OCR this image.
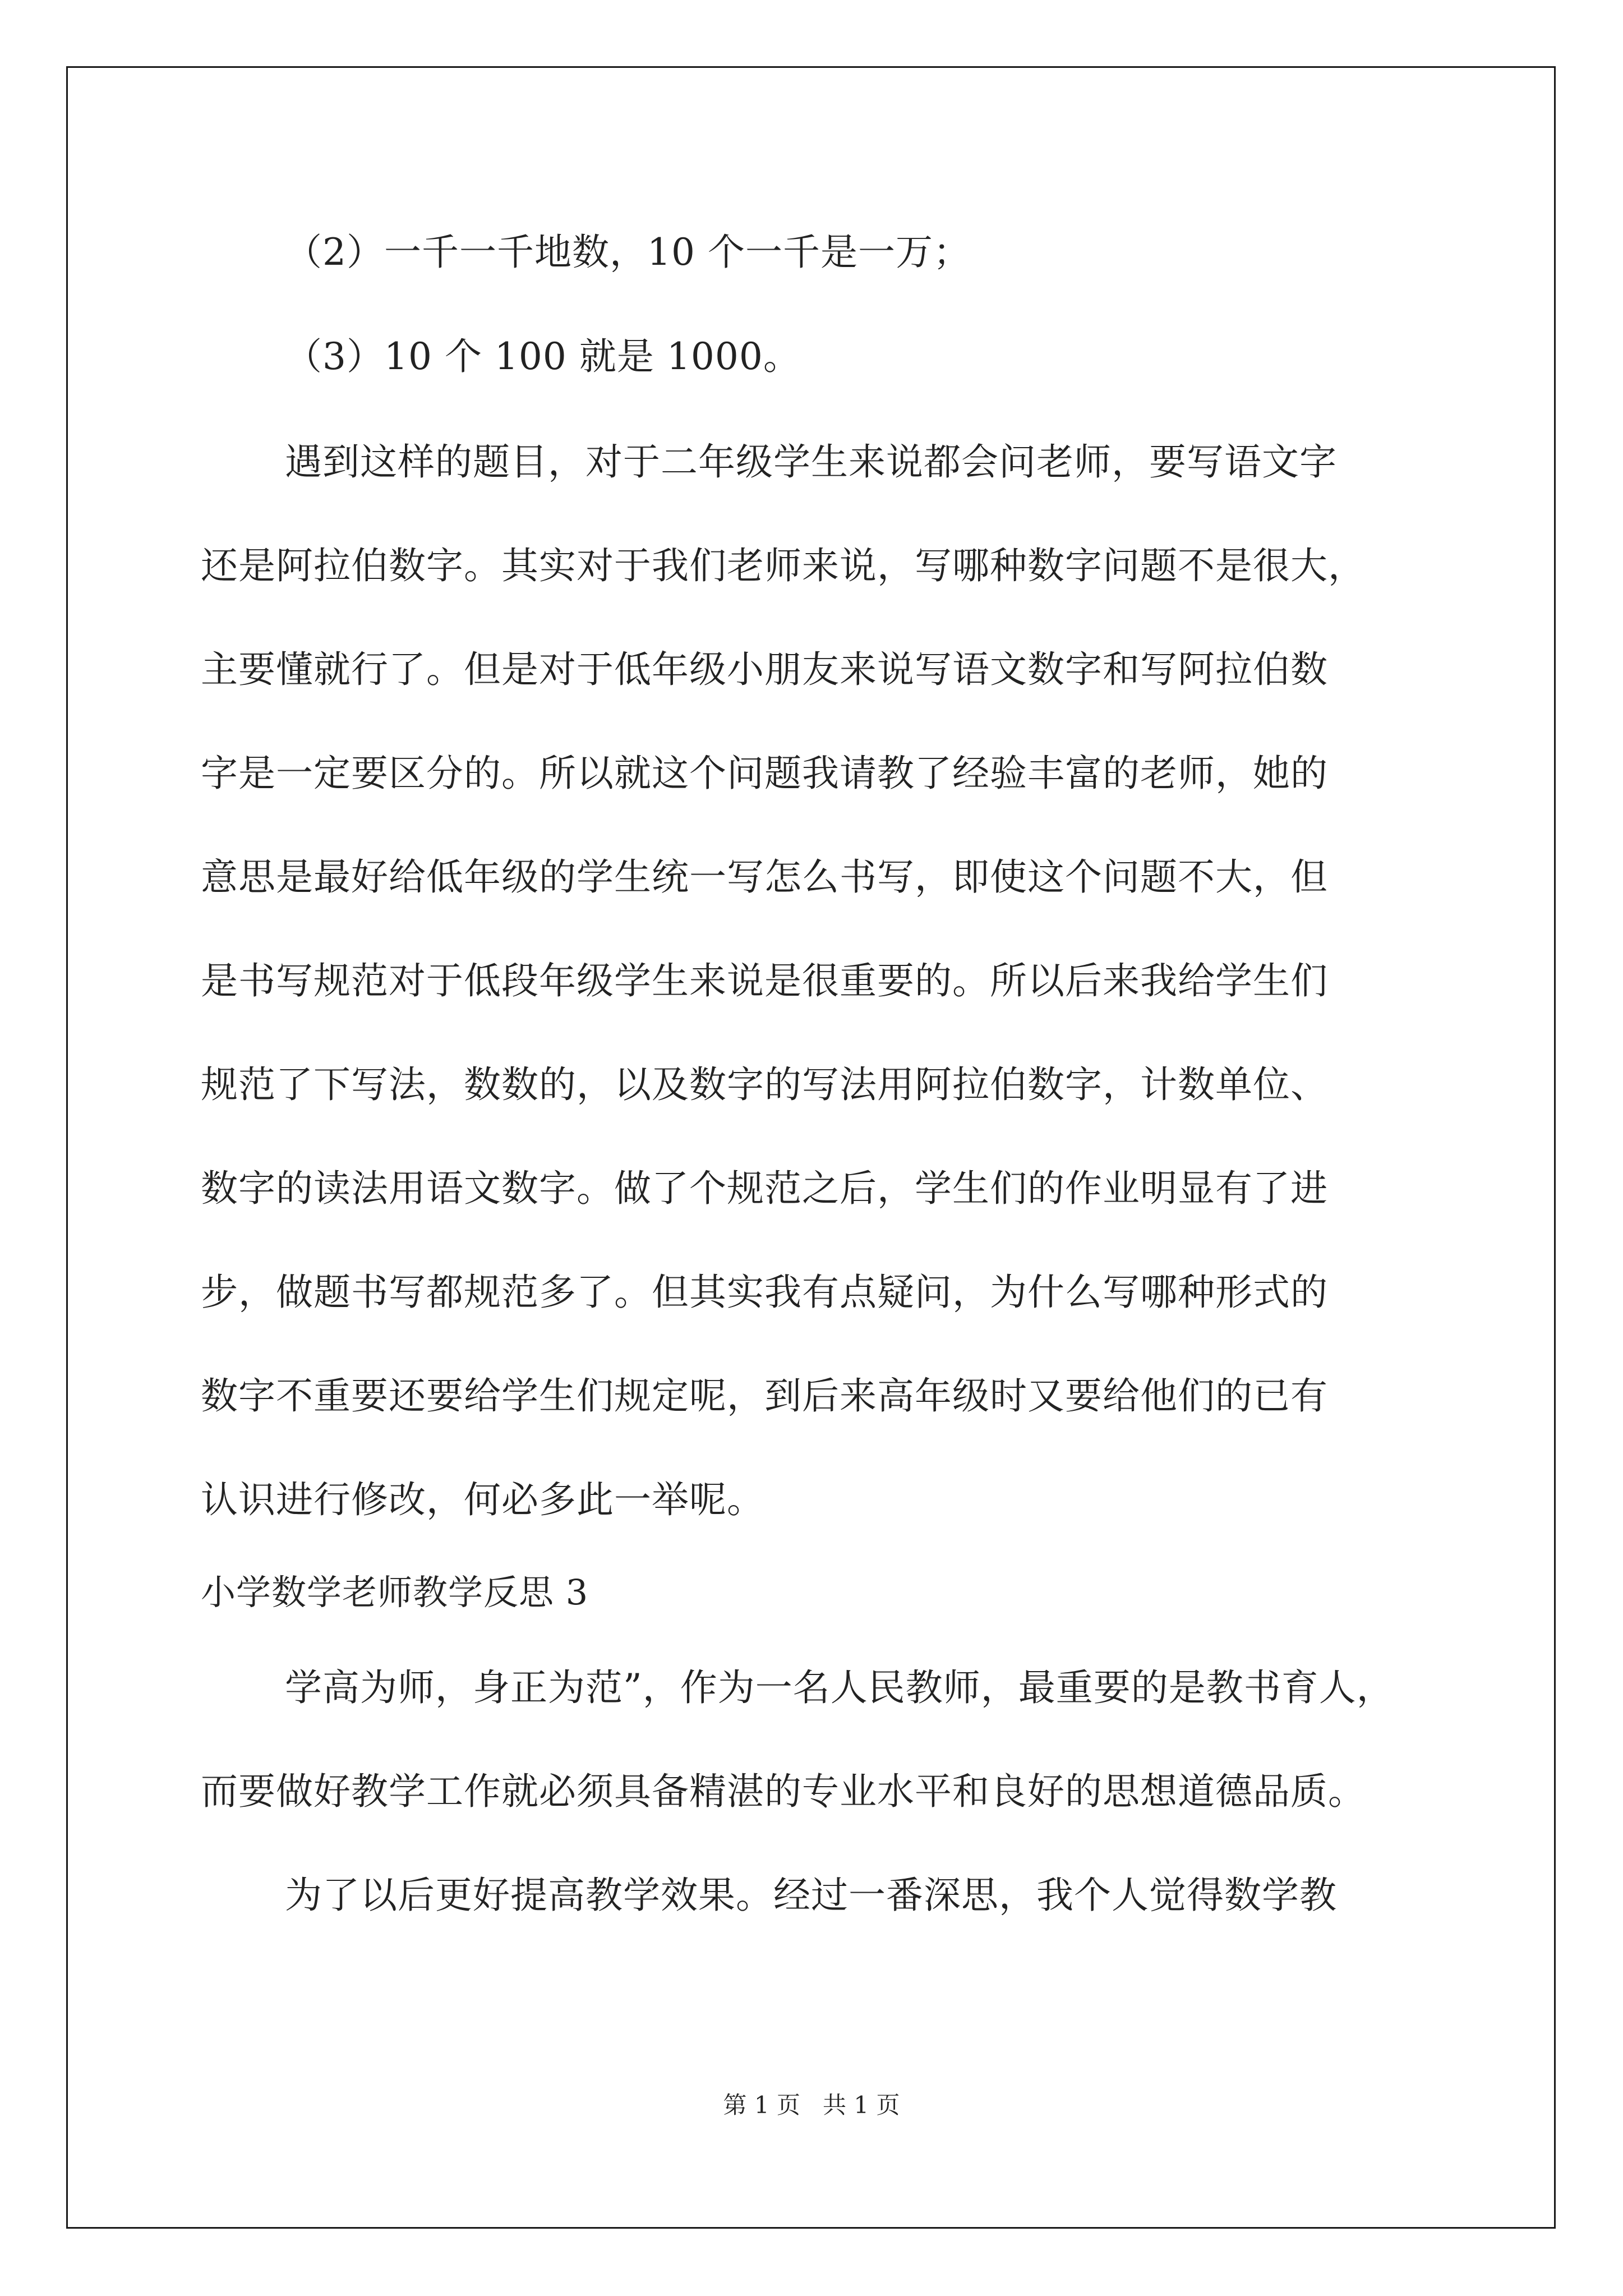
（2）一千一千地数，10 个一千是一万；
（3）10 个 100 就是 1000。
遇到这样的题目，对于二年级学生来说都会问老师，要写语文字
还是阿拉伯数字。其实对于我们老师来说，写哪种数字问题不是很大，
主要懂就行了。但是对于低年级小朋友来说写语文数字和写阿拉伯数
字是一定要区分的。所以就这个问题我请教了经验丰富的老师，她的
意思是最好给低年级的学生统一写怎么书写，即使这个问题不大，但
是书写规范对于低段年级学生来说是很重要的。所以后来我给学生们
规范了下写法，数数的，以及数字的写法用阿拉伯数字，计数单位、
数字的读法用语文数字。做了个规范之后，学生们的作业明显有了进
步，做题书写都规范多了。但其实我有点疑问，为什么写哪种形式的
数字不重要还要给学生们规定呢，到后来高年级时又要给他们的已有
认识进行修改，何必多此一举呢。
小学数学老师教学反思 3
学高为师，身正为范”，作为一名人民教师，最重要的是教书育人，
而要做好教学工作就必须具备精湛的专业水平和良好的思想道德品质。
为了以后更好提高教学效果。经过一番深思，我个人觉得数学教
第 1 页   共 1 页
